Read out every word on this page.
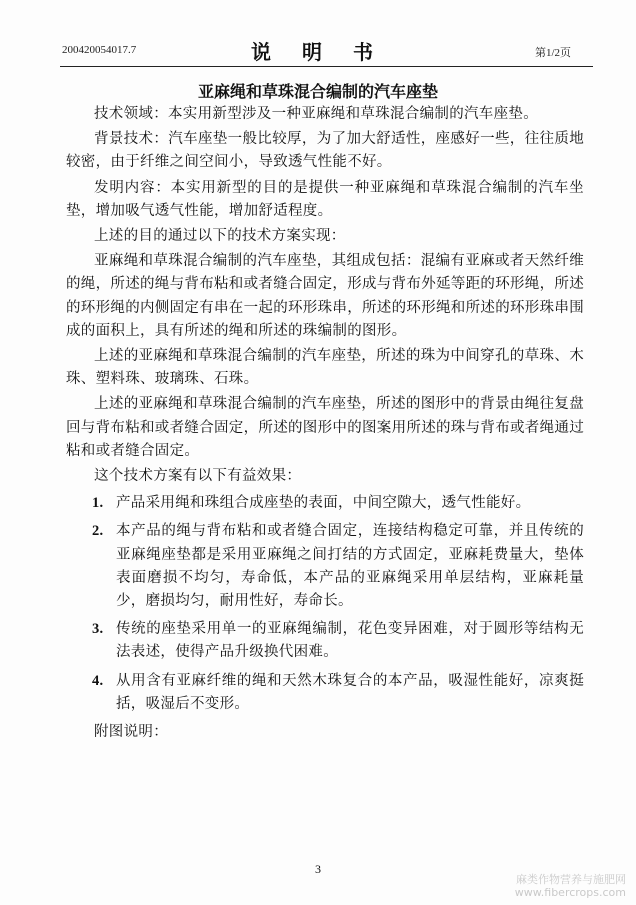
200420054017.7	说 明 书	第1/2页
亚麻绳和草珠混合编制的汽车座垫

技术领域：本实用新型涉及一种亚麻绳和草珠混合编制的汽车座垫。

背景技术：汽车座垫一般比较厚，为了加大舒适性，座感好一些，往往质地较密，由于纤维之间空间小，导致透气性能不好。

发明内容：本实用新型的目的是提供一种亚麻绳和草珠混合编制的汽车坐垫，增加吸气透气性能，增加舒适程度。

上述的目的通过以下的技术方案实现：

亚麻绳和草珠混合编制的汽车座垫，其组成包括：混编有亚麻或者天然纤维的绳，所述的绳与背布粘和或者缝合固定，形成与背布外延等距的环形绳，所述的环形绳的内侧固定有串在一起的环形珠串，所述的环形绳和所述的环形珠串围成的面积上，具有所述的绳和所述的珠编制的图形。

上述的亚麻绳和草珠混合编制的汽车座垫，所述的珠为中间穿孔的草珠、木珠、塑料珠、玻璃珠、石珠。

上述的亚麻绳和草珠混合编制的汽车座垫，所述的图形中的背景由绳往复盘回与背布粘和或者缝合固定，所述的图形中的图案用所述的珠与背布或者绳通过粘和或者缝合固定。

这个技术方案有以下有益效果：

1. 产品采用绳和珠组合成座垫的表面，中间空隙大，透气性能好。
2. 本产品的绳与背布粘和或者缝合固定，连接结构稳定可靠，并且传统的亚麻绳座垫都是采用亚麻绳之间打结的方式固定，亚麻耗费量大，垫体表面磨损不均匀，寿命低，本产品的亚麻绳采用单层结构，亚麻耗量少，磨损均匀，耐用性好，寿命长。
3. 传统的座垫采用单一的亚麻绳编制，花色变异困难，对于圆形等结构无法表述，使得产品升级换代困难。
4. 从用含有亚麻纤维的绳和天然木珠复合的本产品，吸湿性能好，凉爽挺括，吸湿后不变形。

附图说明：

3
麻类作物营养与施肥网
www.fibercrops.com
